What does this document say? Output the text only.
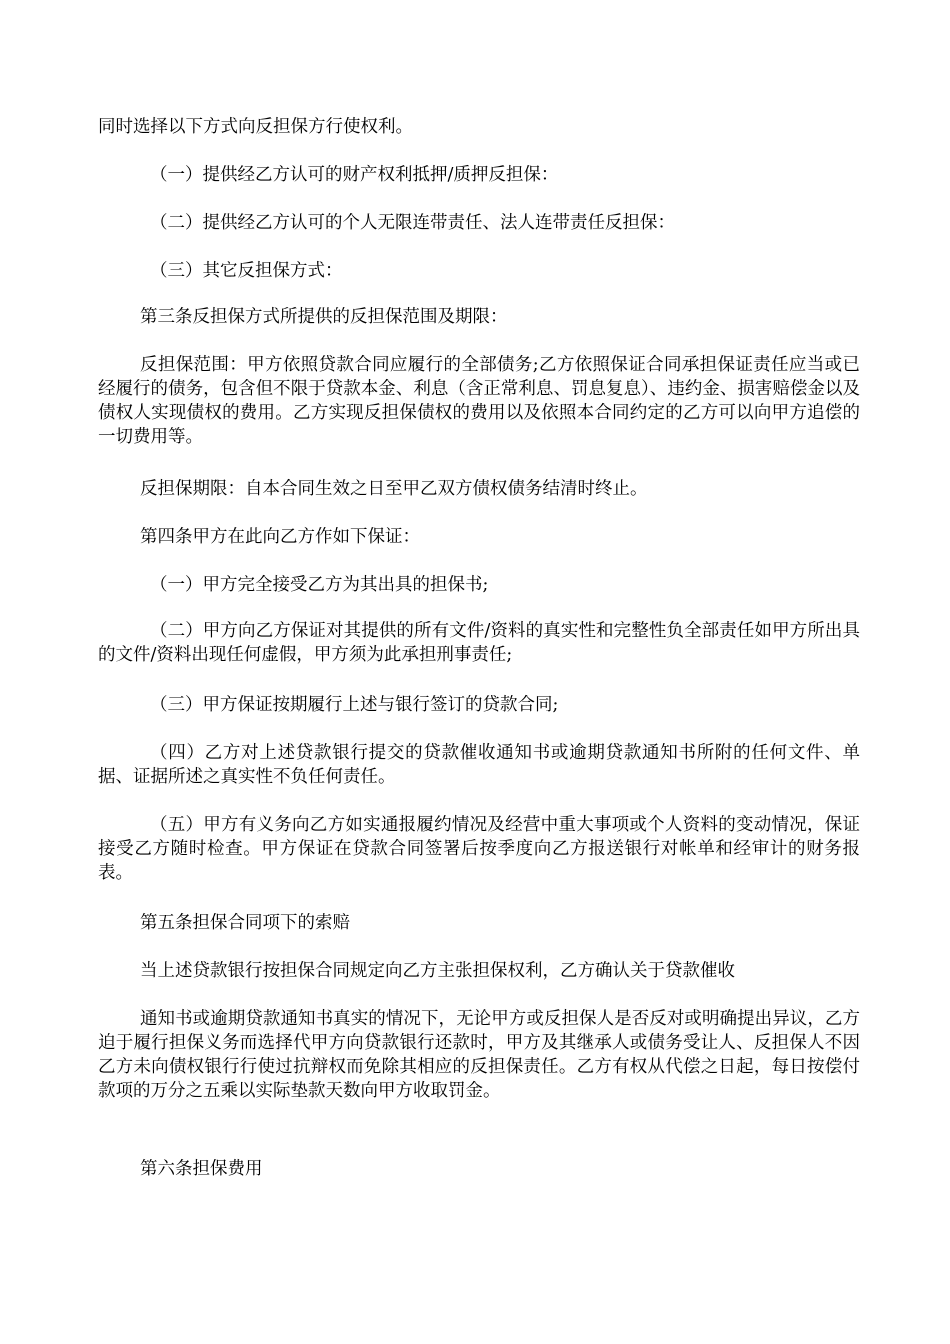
同时选择以下方式向反担保方行使权利。

（一）提供经乙方认可的财产权利抵押/质押反担保：

（二）提供经乙方认可的个人无限连带责任、法人连带责任反担保：

（三）其它反担保方式：

第三条反担保方式所提供的反担保范围及期限：

反担保范围：甲方依照贷款合同应履行的全部债务;乙方依照保证合同承担保证责任应当或已经履行的债务，包含但不限于贷款本金、利息（含正常利息、罚息复息）、违约金、损害赔偿金以及债权人实现债权的费用。乙方实现反担保债权的费用以及依照本合同约定的乙方可以向甲方追偿的一切费用等。

反担保期限：自本合同生效之日至甲乙双方债权债务结清时终止。

第四条甲方在此向乙方作如下保证：

（一）甲方完全接受乙方为其出具的担保书;

（二）甲方向乙方保证对其提供的所有文件/资料的真实性和完整性负全部责任如甲方所出具的文件/资料出现任何虚假，甲方须为此承担刑事责任;

（三）甲方保证按期履行上述与银行签订的贷款合同;

（四）乙方对上述贷款银行提交的贷款催收通知书或逾期贷款通知书所附的任何文件、单据、证据所述之真实性不负任何责任。

（五）甲方有义务向乙方如实通报履约情况及经营中重大事项或个人资料的变动情况，保证接受乙方随时检查。甲方保证在贷款合同签署后按季度向乙方报送银行对帐单和经审计的财务报表。

第五条担保合同项下的索赔

当上述贷款银行按担保合同规定向乙方主张担保权利，乙方确认关于贷款催收

通知书或逾期贷款通知书真实的情况下，无论甲方或反担保人是否反对或明确提出异议，乙方迫于履行担保义务而选择代甲方向贷款银行还款时，甲方及其继承人或债务受让人、反担保人不因乙方未向债权银行行使过抗辩权而免除其相应的反担保责任。乙方有权从代偿之日起，每日按偿付款项的万分之五乘以实际垫款天数向甲方收取罚金。

第六条担保费用
